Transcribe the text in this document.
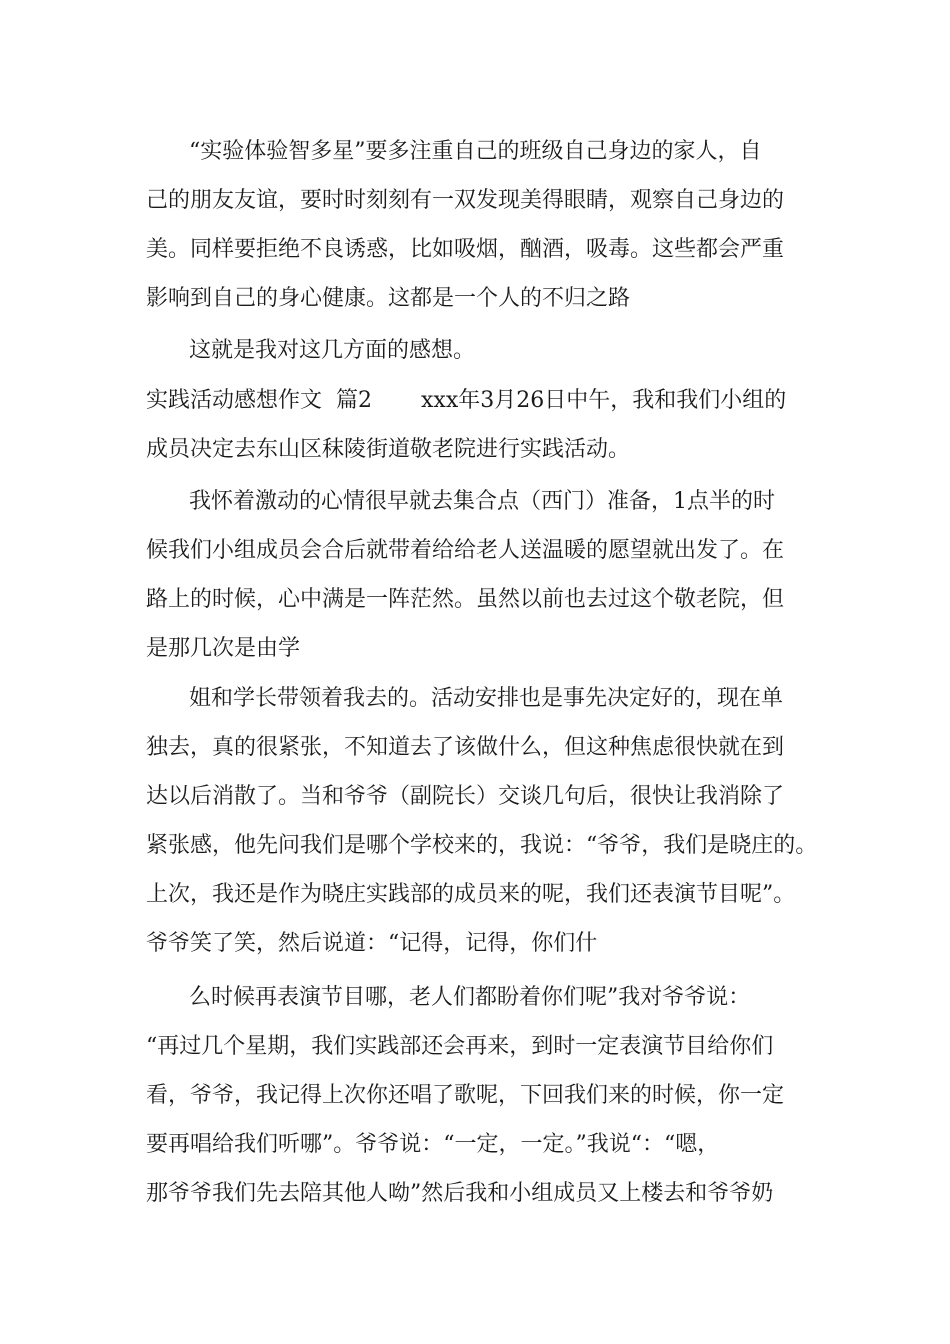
“实验体验智多星”要多注重自己的班级自己身边的家人，自

己的朋友友谊，要时时刻刻有一双发现美得眼睛，观察自己身边的

美。同样要拒绝不良诱惑，比如吸烟，酗酒，吸毒。这些都会严重

影响到自己的身心健康。这都是一个人的不归之路

这就是我对这几方面的感想。

实践活动感想作文  篇2

xxx年3月26日中午，我和我们小组的

成员决定去东山区秣陵街道敬老院进行实践活动。

我怀着激动的心情很早就去集合点（西门）准备，1点半的时

候我们小组成员会合后就带着给给老人送温暖的愿望就出发了。在

路上的时候，心中满是一阵茫然。虽然以前也去过这个敬老院，但

是那几次是由学

姐和学长带领着我去的。活动安排也是事先决定好的，现在单

独去，真的很紧张，不知道去了该做什么，但这种焦虑很快就在到

达以后消散了。当和爷爷（副院长）交谈几句后，很快让我消除了

紧张感，他先问我们是哪个学校来的，我说：“爷爷，我们是晓庄的。

上次，我还是作为晓庄实践部的成员来的呢，我们还表演节目呢”。

爷爷笑了笑，然后说道：“记得，记得，你们什

么时候再表演节目哪，老人们都盼着你们呢”我对爷爷说：

“再过几个星期，我们实践部还会再来，到时一定表演节目给你们

看，爷爷，我记得上次你还唱了歌呢，下回我们来的时候，你一定

要再唱给我们听哪”。爷爷说：“一定，一定。”我说“：“嗯，

那爷爷我们先去陪其他人呦”然后我和小组成员又上楼去和爷爷奶
